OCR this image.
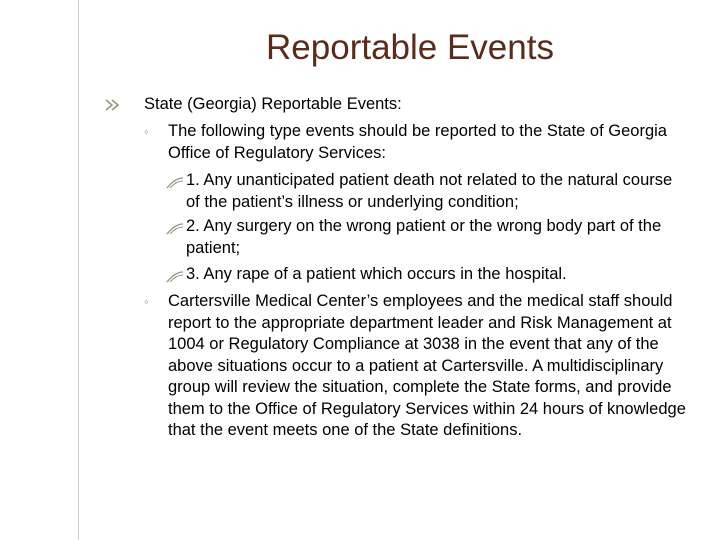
Reportable Events
State (Georgia) Reportable Events:
◦ The following type events should be reported to the State of Georgia Office of Regulatory Services:
1. Any unanticipated patient death not related to the natural course of the patient’s illness or underlying condition;
2. Any surgery on the wrong patient or the wrong body part of the patient;
3. Any rape of a patient which occurs in the hospital.
◦ Cartersville Medical Center’s employees and the medical staff should report to the appropriate department leader and Risk Management at 1004 or Regulatory Compliance at 3038 in the event that any of the above situations occur to a patient at Cartersville. A multidisciplinary group will review the situation, complete the State forms, and provide them to the Office of Regulatory Services within 24 hours of knowledge that the event meets one of the State definitions.
